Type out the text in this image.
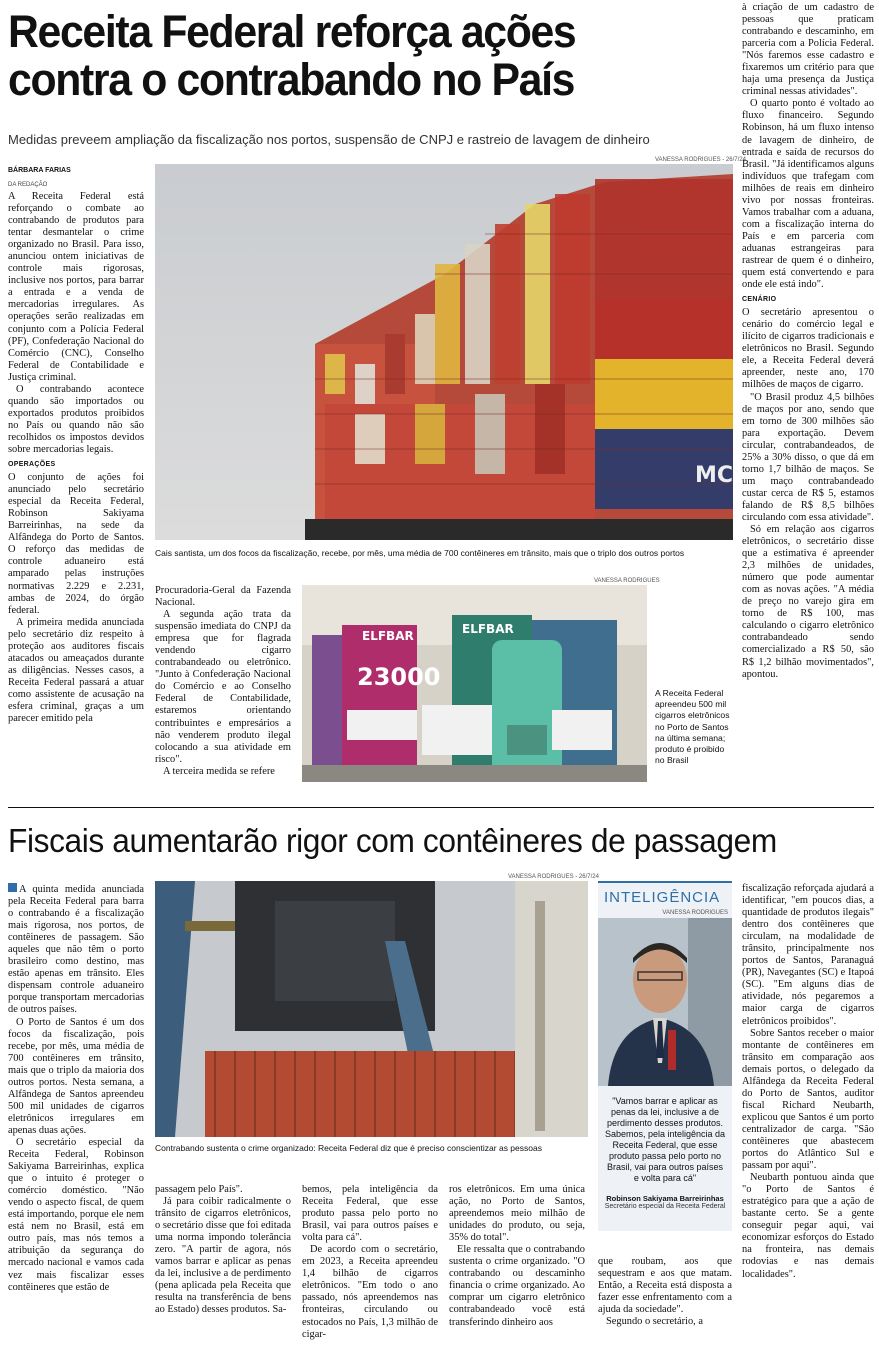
Receita Federal reforça ações
contra o contrabando no País
Medidas preveem ampliação da fiscalização nos portos, suspensão de CNPJ e rastreio de lavagem de dinheiro
BÁRBARA FARIAS
DA REDAÇÃO

A Receita Federal está reforçando o combate ao contrabando de produtos para tentar desmantelar o crime organizado no Brasil. Para isso, anunciou ontem iniciativas de controle mais rigorosas, inclusive nos portos, para barrar a entrada e a venda de mercadorias irregulares. As operações serão realizadas em conjunto com a Polícia Federal (PF), Confederação Nacional do Comércio (CNC), Conselho Federal de Contabilidade e Justiça criminal.

O contrabando acontece quando são importados ou exportados produtos proibidos no País ou quando não são recolhidos os impostos devidos sobre mercadorias legais.

OPERAÇÕES

O conjunto de ações foi anunciado pelo secretário especial da Receita Federal, Robinson Sakiyama Barreirinhas, na sede da Alfândega do Porto de Santos. O reforço das medidas de controle aduaneiro está amparado pelas instruções normativas 2.229 e 2.231, ambas de 2024, do órgão federal.

A primeira medida anunciada pelo secretário diz respeito à proteção aos auditores fiscais atacados ou ameaçados durante as diligências. Nesses casos, a Receita Federal passará a atuar como assistente de acusação na esfera criminal, graças a um parecer emitido pela

VANESSA RODRIGUES - 26/7/24
MC
Cais santista, um dos focos da fiscalização, recebe, por mês, uma média de 700 contêineres em trânsito, mais que o triplo dos outros portos

Procuradoria-Geral da Fazenda Nacional.

A segunda ação trata da suspensão imediata do CNPJ da empresa que for flagrada vendendo cigarro contrabandeado ou eletrônico. "Junto à Confederação Nacional do Comércio e ao Conselho Federal de Contabilidade, estaremos orientando contribuintes e empresários a não venderem produto ilegal colocando a sua atividade em risco".

A terceira medida se refere

VANESSA RODRIGUES
ELFBAR	ELFBAR
23000
A Receita Federal apreendeu 500 mil cigarros eletrônicos no Porto de Santos na última semana; produto é proibido no Brasil

à criação de um cadastro de pessoas que praticam contrabando e descaminho, em parceria com a Polícia Federal. "Nós faremos esse cadastro e fixaremos um critério para que haja uma presença da Justiça criminal nessas atividades".

O quarto ponto é voltado ao fluxo financeiro. Segundo Robinson, há um fluxo intenso de lavagem de dinheiro, de entrada e saída de recursos do Brasil. "Já identificamos alguns indivíduos que trafegam com milhões de reais em dinheiro vivo por nossas fronteiras. Vamos trabalhar com a aduana, com a fiscalização interna do País e em parceria com aduanas estrangeiras para rastrear de quem é o dinheiro, quem está convertendo e para onde ele está indo".

CENÁRIO

O secretário apresentou o cenário do comércio legal e ilícito de cigarros tradicionais e eletrônicos no Brasil. Segundo ele, a Receita Federal deverá apreender, neste ano, 170 milhões de maços de cigarro.

"O Brasil produz 4,5 bilhões de maços por ano, sendo que em torno de 300 milhões são para exportação. Devem circular, contrabandeados, de 25% a 30% disso, o que dá em torno 1,7 bilhão de maços. Se um maço contrabandeado custar cerca de R$ 5, estamos falando de R$ 8,5 bilhões circulando com essa atividade".

Só em relação aos cigarros eletrônicos, o secretário disse que a estimativa é apreender 2,3 milhões de unidades, número que pode aumentar com as novas ações. "A média de preço no varejo gira em torno de R$ 100, mas calculando o cigarro eletrônico contrabandeado sendo comercializado a R$ 50, são R$ 1,2 bilhão movimentados", apontou.

Fiscais aumentarão rigor com contêineres de passagem

A quinta medida anunciada pela Receita Federal para barra o contrabando é a fiscalização mais rigorosa, nos portos, de contêineres de passagem. São aqueles que não têm o porto brasileiro como destino, mas estão apenas em trânsito. Eles dispensam controle aduaneiro porque transportam mercadorias de outros países.

O Porto de Santos é um dos focos da fiscalização, pois recebe, por mês, uma média de 700 contêineres em trânsito, mais que o triplo da maioria dos outros portos. Nesta semana, a Alfândega de Santos apreendeu 500 mil unidades de cigarros eletrônicos irregulares em apenas duas ações.

O secretário especial da Receita Federal, Robinson Sakiyama Barreirinhas, explica que o intuito é proteger o comércio doméstico. "Não vendo o aspecto fiscal, de quem está importando, porque ele nem está nem no Brasil, está em outro país, mas nós temos a atribuição da segurança do mercado nacional e vamos cada vez mais fiscalizar esses contêineres que estão de

VANESSA RODRIGUES - 26/7/24
Contrabando sustenta o crime organizado: Receita Federal diz que é preciso conscientizar as pessoas

passagem pelo País".

Já para coibir radicalmente o trânsito de cigarros eletrônicos, o secretário disse que foi editada uma norma impondo tolerância zero. "A partir de agora, nós vamos barrar e aplicar as penas da lei, inclusive a de perdimento (pena aplicada pela Receita que resulta na transferência de bens ao Estado) desses produtos. Sa-

bemos, pela inteligência da Receita Federal, que esse produto passa pelo porto no Brasil, vai para outros países e volta para cá".

De acordo com o secretário, em 2023, a Receita apreendeu 1,4 bilhão de cigarros eletrônicos. "Em todo o ano passado, nós apreendemos nas fronteiras, circulando ou estocados no País, 1,3 milhão de cigar-

ros eletrônicos. Em uma única ação, no Porto de Santos, apreendemos meio milhão de unidades do produto, ou seja, 35% do total".

Ele ressalta que o contrabando sustenta o crime organizado. "O contrabando ou descaminho financia o crime organizado. Ao comprar um cigarro eletrônico contrabandeado você está transferindo dinheiro aos

INTELIGÊNCIA
VANESSA RODRIGUES
"Vamos barrar e aplicar as penas da lei, inclusive a de perdimento desses produtos. Sabemos, pela inteligência da Receita Federal, que esse produto passa pelo porto no Brasil, vai para outros países e volta para cá"
Robinson Sakiyama Barreirinhas
Secretário especial da Receita Federal

que roubam, aos que sequestram e aos que matam. Então, a Receita está disposta a fazer esse enfrentamento com a ajuda da sociedade".

Segundo o secretário, a

fiscalização reforçada ajudará a identificar, "em poucos dias, a quantidade de produtos ilegais" dentro dos contêineres que circulam, na modalidade de trânsito, principalmente nos portos de Santos, Paranaguá (PR), Navegantes (SC) e Itapoá (SC). "Em alguns dias de atividade, nós pegaremos a maior carga de cigarros eletrônicos proibidos".

Sobre Santos receber o maior montante de contêineres em trânsito em comparação aos demais portos, o delegado da Alfândega da Receita Federal do Porto de Santos, auditor fiscal Richard Neubarth, explicou que Santos é um porto centralizador de carga. "São contêineres que abastecem portos do Atlântico Sul e passam por aqui".

Neubarth pontuou ainda que "o Porto de Santos é estratégico para que a ação de bastante certo. Se a gente conseguir pegar aqui, vai economizar esforços do Estado na fronteira, nas demais rodovias e nas demais localidades".
